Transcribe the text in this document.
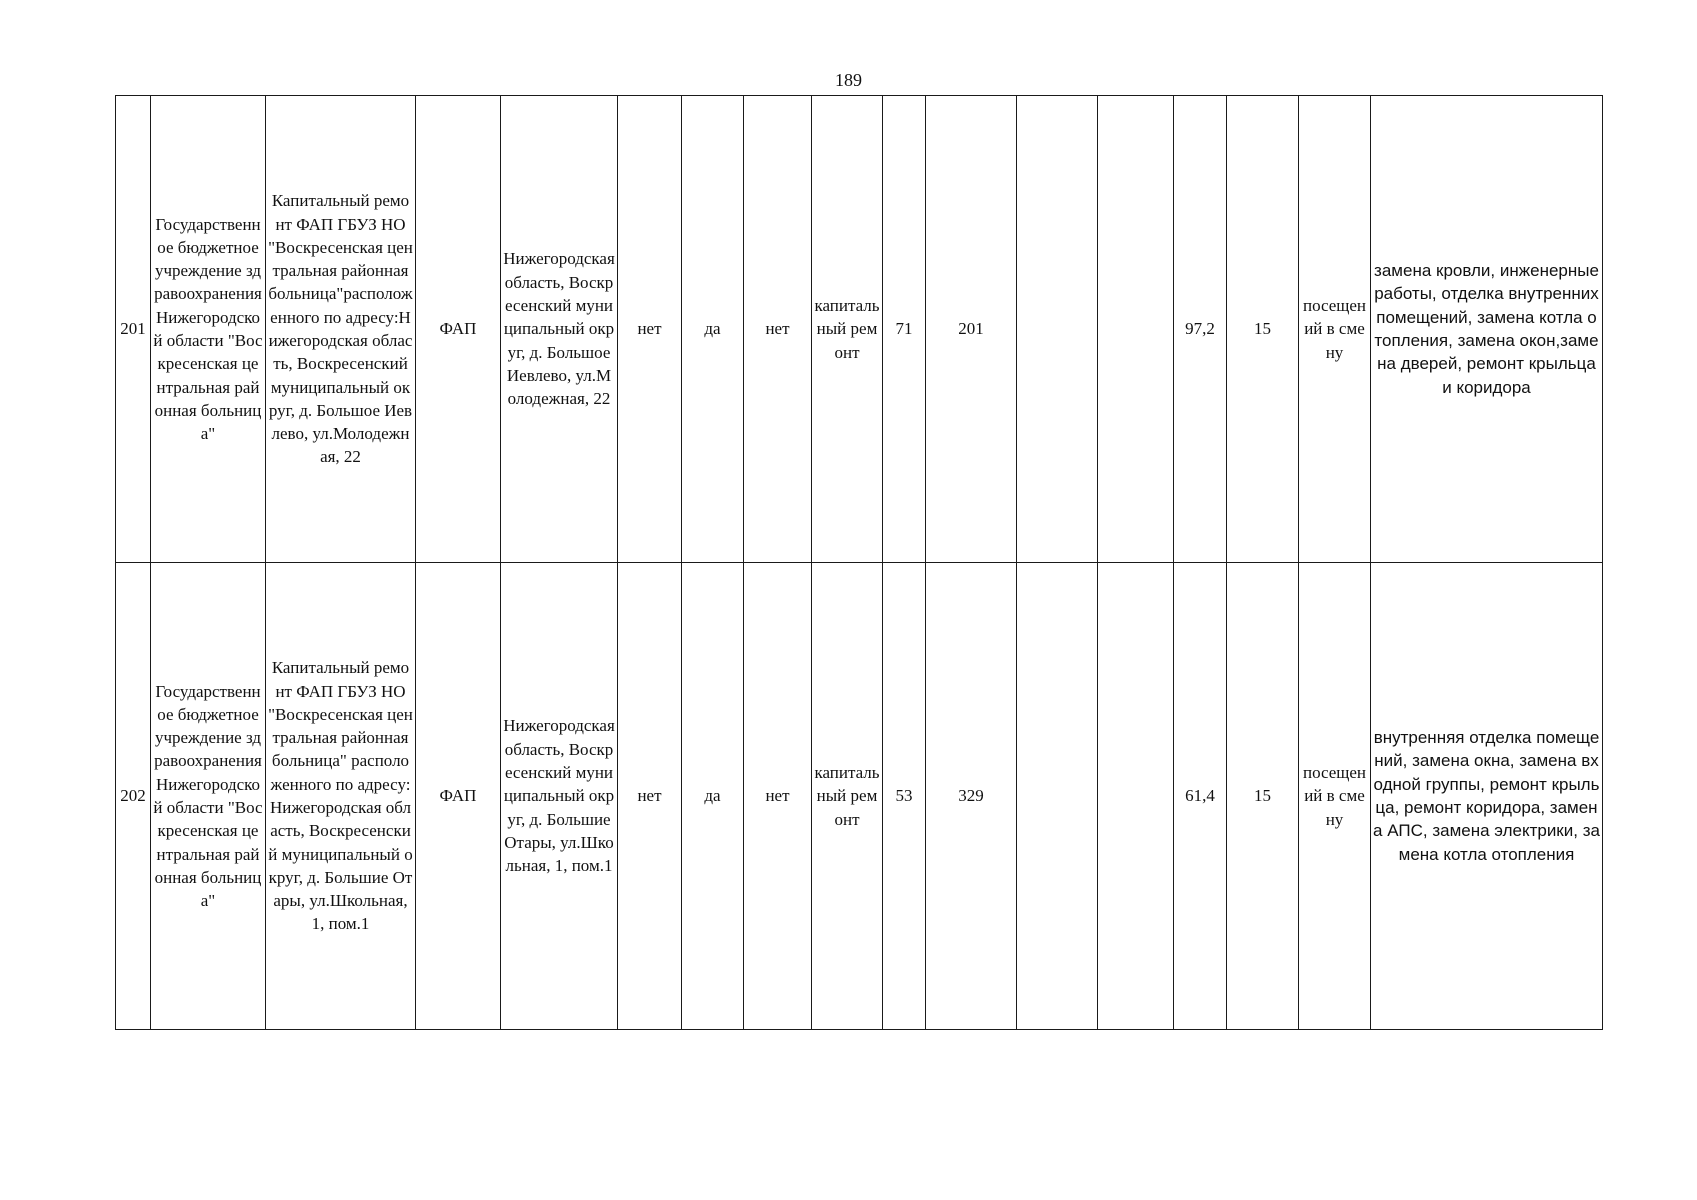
189
201	Государственное бюджетное учреждение здравоохранения Нижегородской области "Воскресенская центральная районная больница"	Капитальный ремонт ФАП ГБУЗ НО "Воскресенская центральная районная больница"расположенного по адресу:Нижегородская область, Воскресенский муниципальный округ, д. Большое Иевлево, ул.Молодежная, 22	ФАП	Нижегородская область, Воскресенский муниципальный округ, д. Большое Иевлево, ул.Молодежная, 22	нет	да	нет	капитальный ремонт	71	201			97,2	15	посещений в смену	замена кровли, инженерные работы, отделка внутренних помещений, замена котла отопления, замена окон,замена дверей, ремонт крыльца и коридора
202	Государственное бюджетное учреждение здравоохранения Нижегородской области "Воскресенская центральная районная больница"	Капитальный ремонт ФАП ГБУЗ НО "Воскресенская центральная районная больница" расположенного по адресу:Нижегородская область, Воскресенский муниципальный округ, д. Большие Отары, ул.Школьная, 1, пом.1	ФАП	Нижегородская область, Воскресенский муниципальный округ, д. Большие Отары, ул.Школьная, 1, пом.1	нет	да	нет	капитальный ремонт	53	329			61,4	15	посещений в смену	внутренняя отделка помещений, замена окна, замена входной группы, ремонт крыльца, ремонт коридора, замена АПС, замена электрики, замена котла отопления
